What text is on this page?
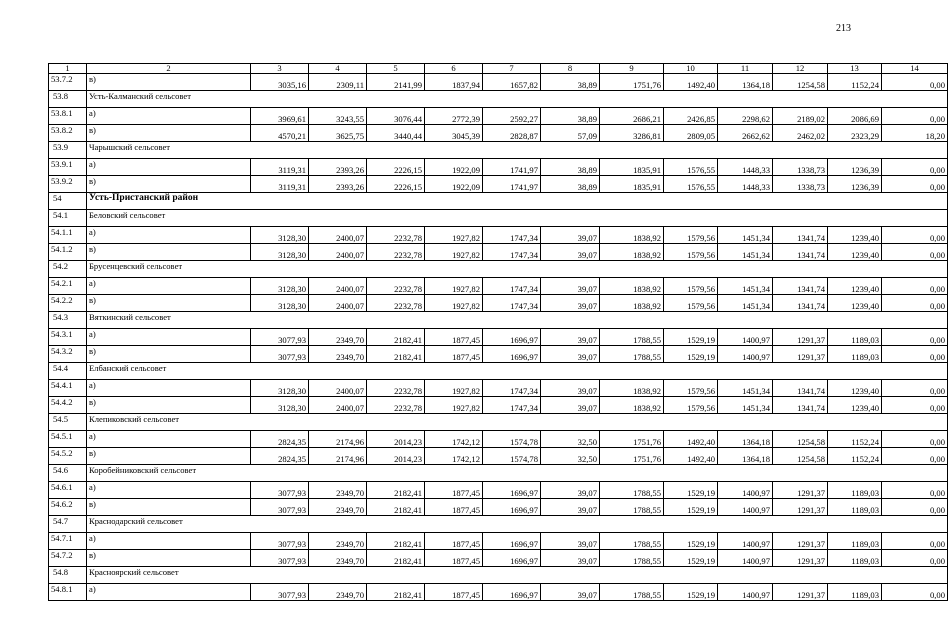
213
1	2	3	4	5	6	7	8	9	10	11	12	13	14
53.7.2	в)	3035,16	2309,11	2141,99	1837,94	1657,82	38,89	1751,76	1492,40	1364,18	1254,58	1152,24	0,00
53.8	Усть-Калманский сельсовет												
53.8.1	а)	3969,61	3243,55	3076,44	2772,39	2592,27	38,89	2686,21	2426,85	2298,62	2189,02	2086,69	0,00
53.8.2	в)	4570,21	3625,75	3440,44	3045,39	2828,87	57,09	3286,81	2809,05	2662,62	2462,02	2323,29	18,20
53.9	Чарышский сельсовет												
53.9.1	а)	3119,31	2393,26	2226,15	1922,09	1741,97	38,89	1835,91	1576,55	1448,33	1338,73	1236,39	0,00
53.9.2	в)	3119,31	2393,26	2226,15	1922,09	1741,97	38,89	1835,91	1576,55	1448,33	1338,73	1236,39	0,00
54	Усть-Пристанский район												
54.1	Беловский сельсовет												
54.1.1	а)	3128,30	2400,07	2232,78	1927,82	1747,34	39,07	1838,92	1579,56	1451,34	1341,74	1239,40	0,00
54.1.2	в)	3128,30	2400,07	2232,78	1927,82	1747,34	39,07	1838,92	1579,56	1451,34	1341,74	1239,40	0,00
54.2	Брусенцевский сельсовет												
54.2.1	а)	3128,30	2400,07	2232,78	1927,82	1747,34	39,07	1838,92	1579,56	1451,34	1341,74	1239,40	0,00
54.2.2	в)	3128,30	2400,07	2232,78	1927,82	1747,34	39,07	1838,92	1579,56	1451,34	1341,74	1239,40	0,00
54.3	Вяткинский сельсовет												
54.3.1	а)	3077,93	2349,70	2182,41	1877,45	1696,97	39,07	1788,55	1529,19	1400,97	1291,37	1189,03	0,00
54.3.2	в)	3077,93	2349,70	2182,41	1877,45	1696,97	39,07	1788,55	1529,19	1400,97	1291,37	1189,03	0,00
54.4	Елбанский сельсовет												
54.4.1	а)	3128,30	2400,07	2232,78	1927,82	1747,34	39,07	1838,92	1579,56	1451,34	1341,74	1239,40	0,00
54.4.2	в)	3128,30	2400,07	2232,78	1927,82	1747,34	39,07	1838,92	1579,56	1451,34	1341,74	1239,40	0,00
54.5	Клепиковский сельсовет												
54.5.1	а)	2824,35	2174,96	2014,23	1742,12	1574,78	32,50	1751,76	1492,40	1364,18	1254,58	1152,24	0,00
54.5.2	в)	2824,35	2174,96	2014,23	1742,12	1574,78	32,50	1751,76	1492,40	1364,18	1254,58	1152,24	0,00
54.6	Коробейниковский сельсовет												
54.6.1	а)	3077,93	2349,70	2182,41	1877,45	1696,97	39,07	1788,55	1529,19	1400,97	1291,37	1189,03	0,00
54.6.2	в)	3077,93	2349,70	2182,41	1877,45	1696,97	39,07	1788,55	1529,19	1400,97	1291,37	1189,03	0,00
54.7	Краснодарский сельсовет												
54.7.1	а)	3077,93	2349,70	2182,41	1877,45	1696,97	39,07	1788,55	1529,19	1400,97	1291,37	1189,03	0,00
54.7.2	в)	3077,93	2349,70	2182,41	1877,45	1696,97	39,07	1788,55	1529,19	1400,97	1291,37	1189,03	0,00
54.8	Красноярский сельсовет												
54.8.1	а)	3077,93	2349,70	2182,41	1877,45	1696,97	39,07	1788,55	1529,19	1400,97	1291,37	1189,03	0,00
